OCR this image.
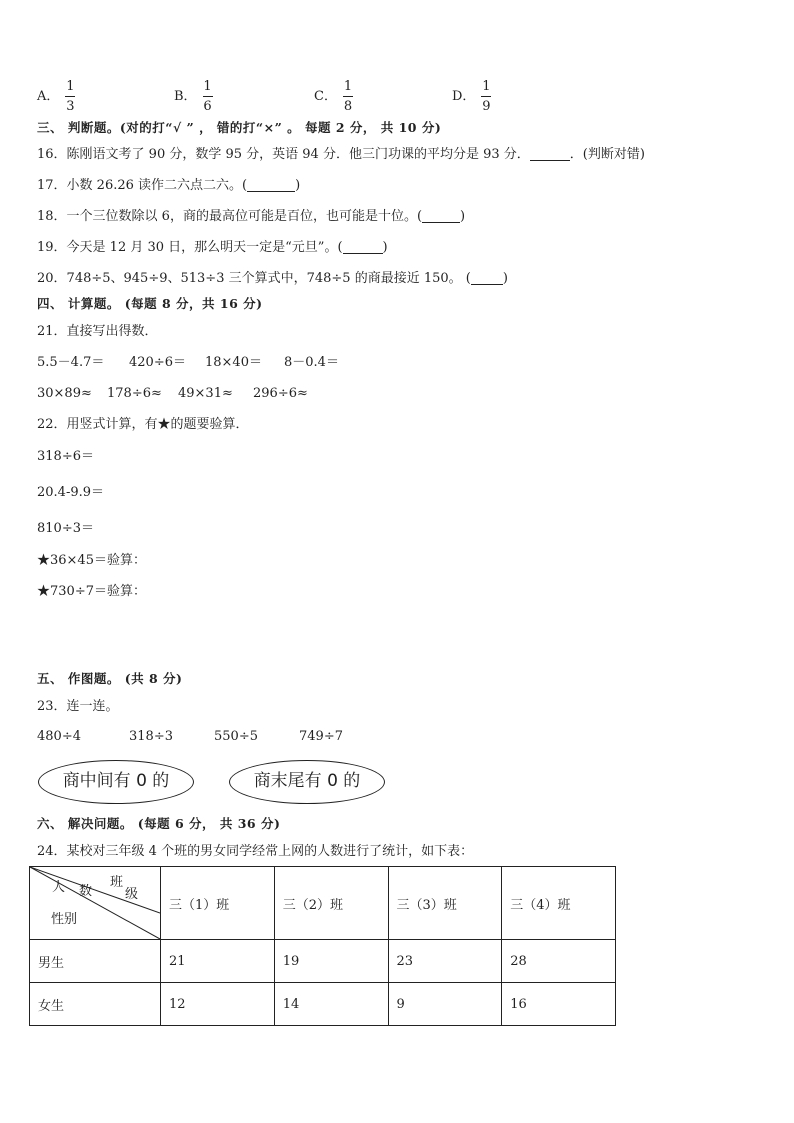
A． $\frac{1}{3}$	B． $\frac{1}{6}$	C． $\frac{1}{8}$	D． $\frac{1}{9}$
三、 判断题。(对的打“√ ” ， 错的打“×” 。 每题 2 分， 共 10 分)
16．陈刚语文考了 90 分，数学 95 分，英语 94 分．他三门功课的平均分是 93 分．	．(判断对错)
17．小数 26.26 读作二六点二六。(	)
18．一个三位数除以 6，商的最高位可能是百位，也可能是十位。(	)
19．今天是 12 月 30 日，那么明天一定是“元旦”。(	)
20．748÷5、945÷9、513÷3 三个算式中，748÷5 的商最接近 150。 ( )
四、 计算题。 (每题 8 分，共 16 分)
21．直接写出得数．
5.5－4.7＝ 420÷6＝ 18×40＝ 8－0.4＝
30×89≈ 178÷6≈ 49×31≈ 296÷6≈
22．用竖式计算，有★的题要验算．
318÷6＝
20.4-9.9＝
810÷3＝
★36×45＝验算：
★730÷7＝验算：
五、 作图题。 (共 8 分)
23．连一连。
480÷4	318÷3	550÷5	749÷7
商中间有 0 的	商末尾有 0 的
六、 解决问题。 (每题 6 分， 共 36 分)
24．某校对三年级 4 个班的男女同学经常上网的人数进行了统计，如下表：
人 数
班
级
性别	三（1）班	三（2）班	三（3）班	三（4）班
男生	21	19	23	28
女生	12	14	9	16
